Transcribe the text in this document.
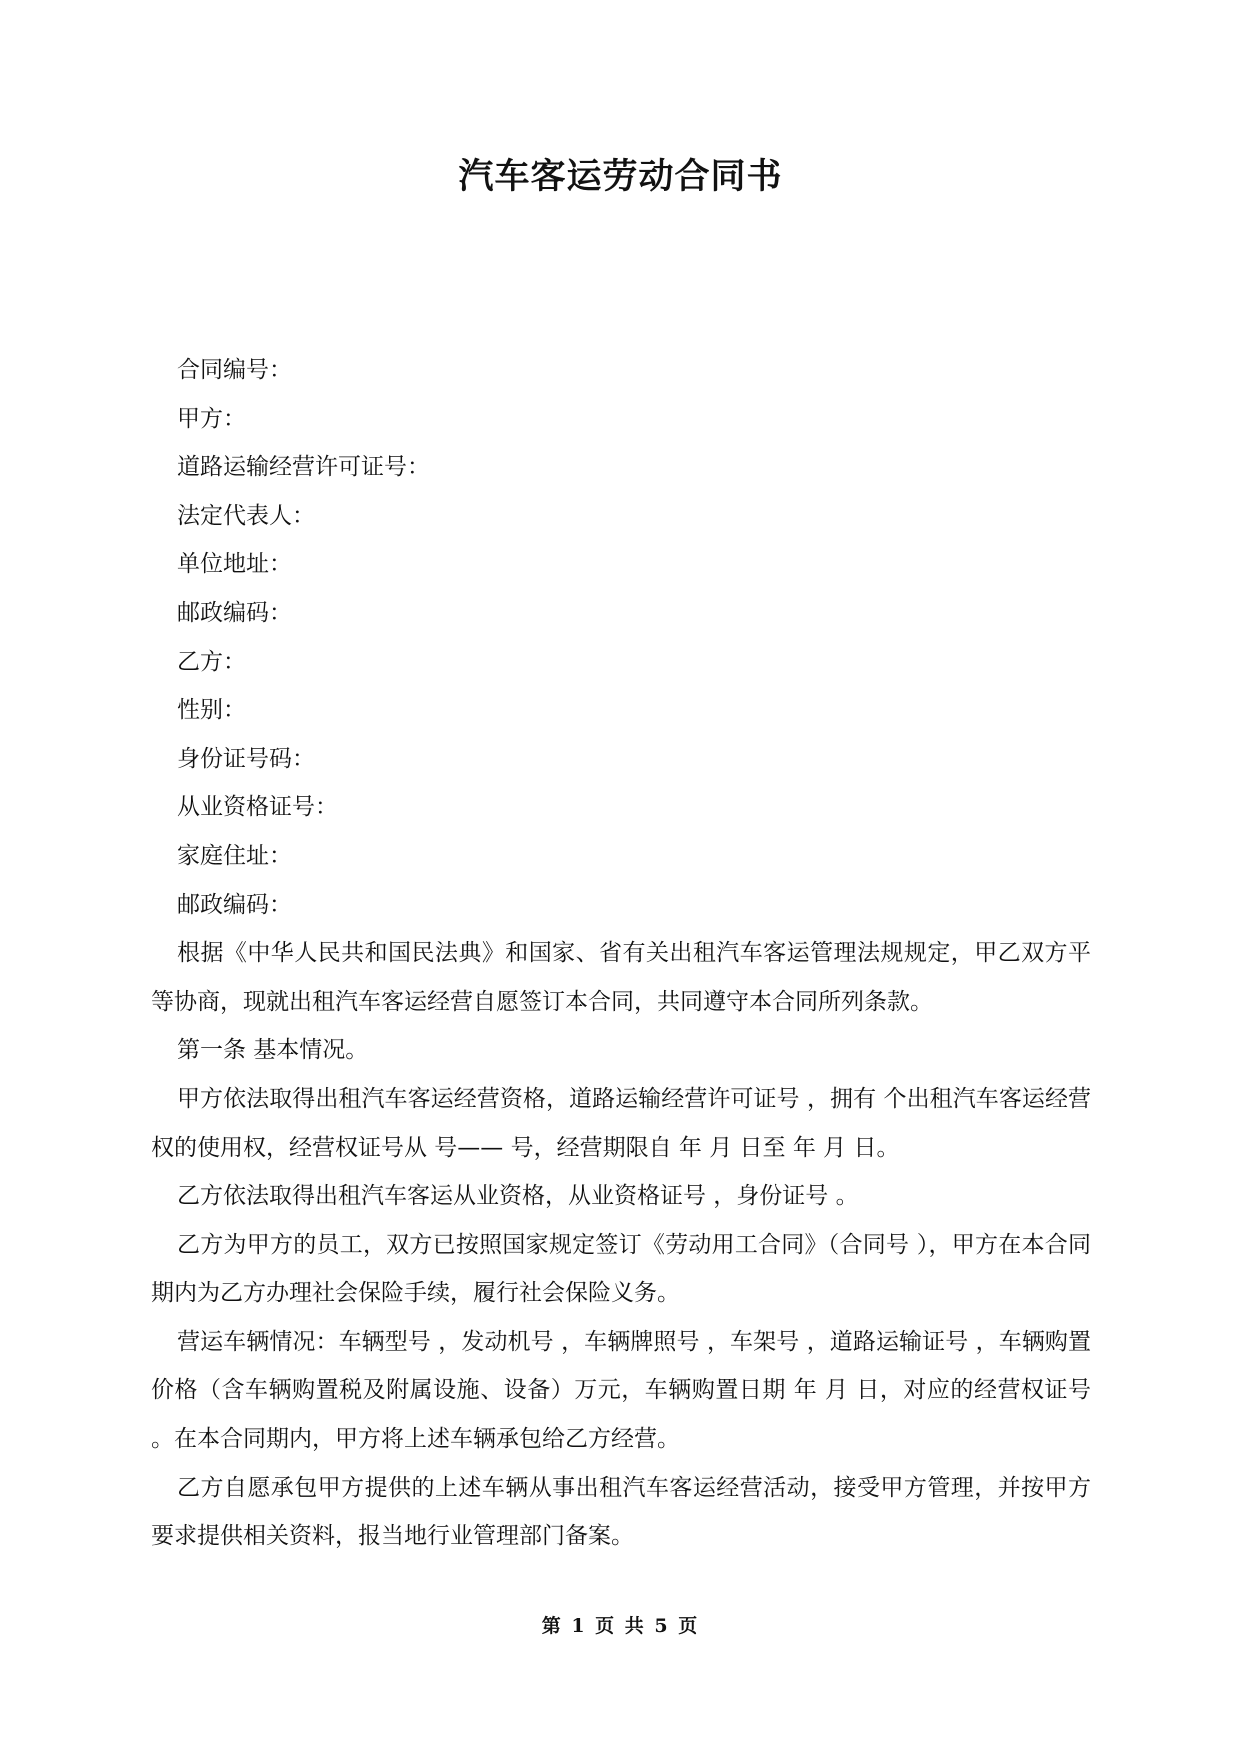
汽车客运劳动合同书

合同编号：

甲方：

道路运输经营许可证号：

法定代表人：

单位地址：

邮政编码：

乙方：

性别：

身份证号码：

从业资格证号：

家庭住址：

邮政编码：

根据《中华人民共和国民法典》和国家、省有关出租汽车客运管理法规规定，甲乙双方平等协商，现就出租汽车客运经营自愿签订本合同，共同遵守本合同所列条款。

第一条 基本情况。

甲方依法取得出租汽车客运经营资格，道路运输经营许可证号 ，拥有 个出租汽车客运经营权的使用权，经营权证号从 号—— 号，经营期限自 年 月 日至 年 月 日。

乙方依法取得出租汽车客运从业资格，从业资格证号 ，身份证号 。

乙方为甲方的员工，双方已按照国家规定签订《劳动用工合同》（合同号 ），甲方在本合同期内为乙方办理社会保险手续，履行社会保险义务。

营运车辆情况：车辆型号 ，发动机号 ，车辆牌照号 ，车架号 ，道路运输证号 ，车辆购置价格（含车辆购置税及附属设施、设备）万元，车辆购置日期 年 月 日，对应的经营权证号 。在本合同期内，甲方将上述车辆承包给乙方经营。

乙方自愿承包甲方提供的上述车辆从事出租汽车客运经营活动，接受甲方管理，并按甲方要求提供相关资料，报当地行业管理部门备案。

第 1 页 共 5 页
